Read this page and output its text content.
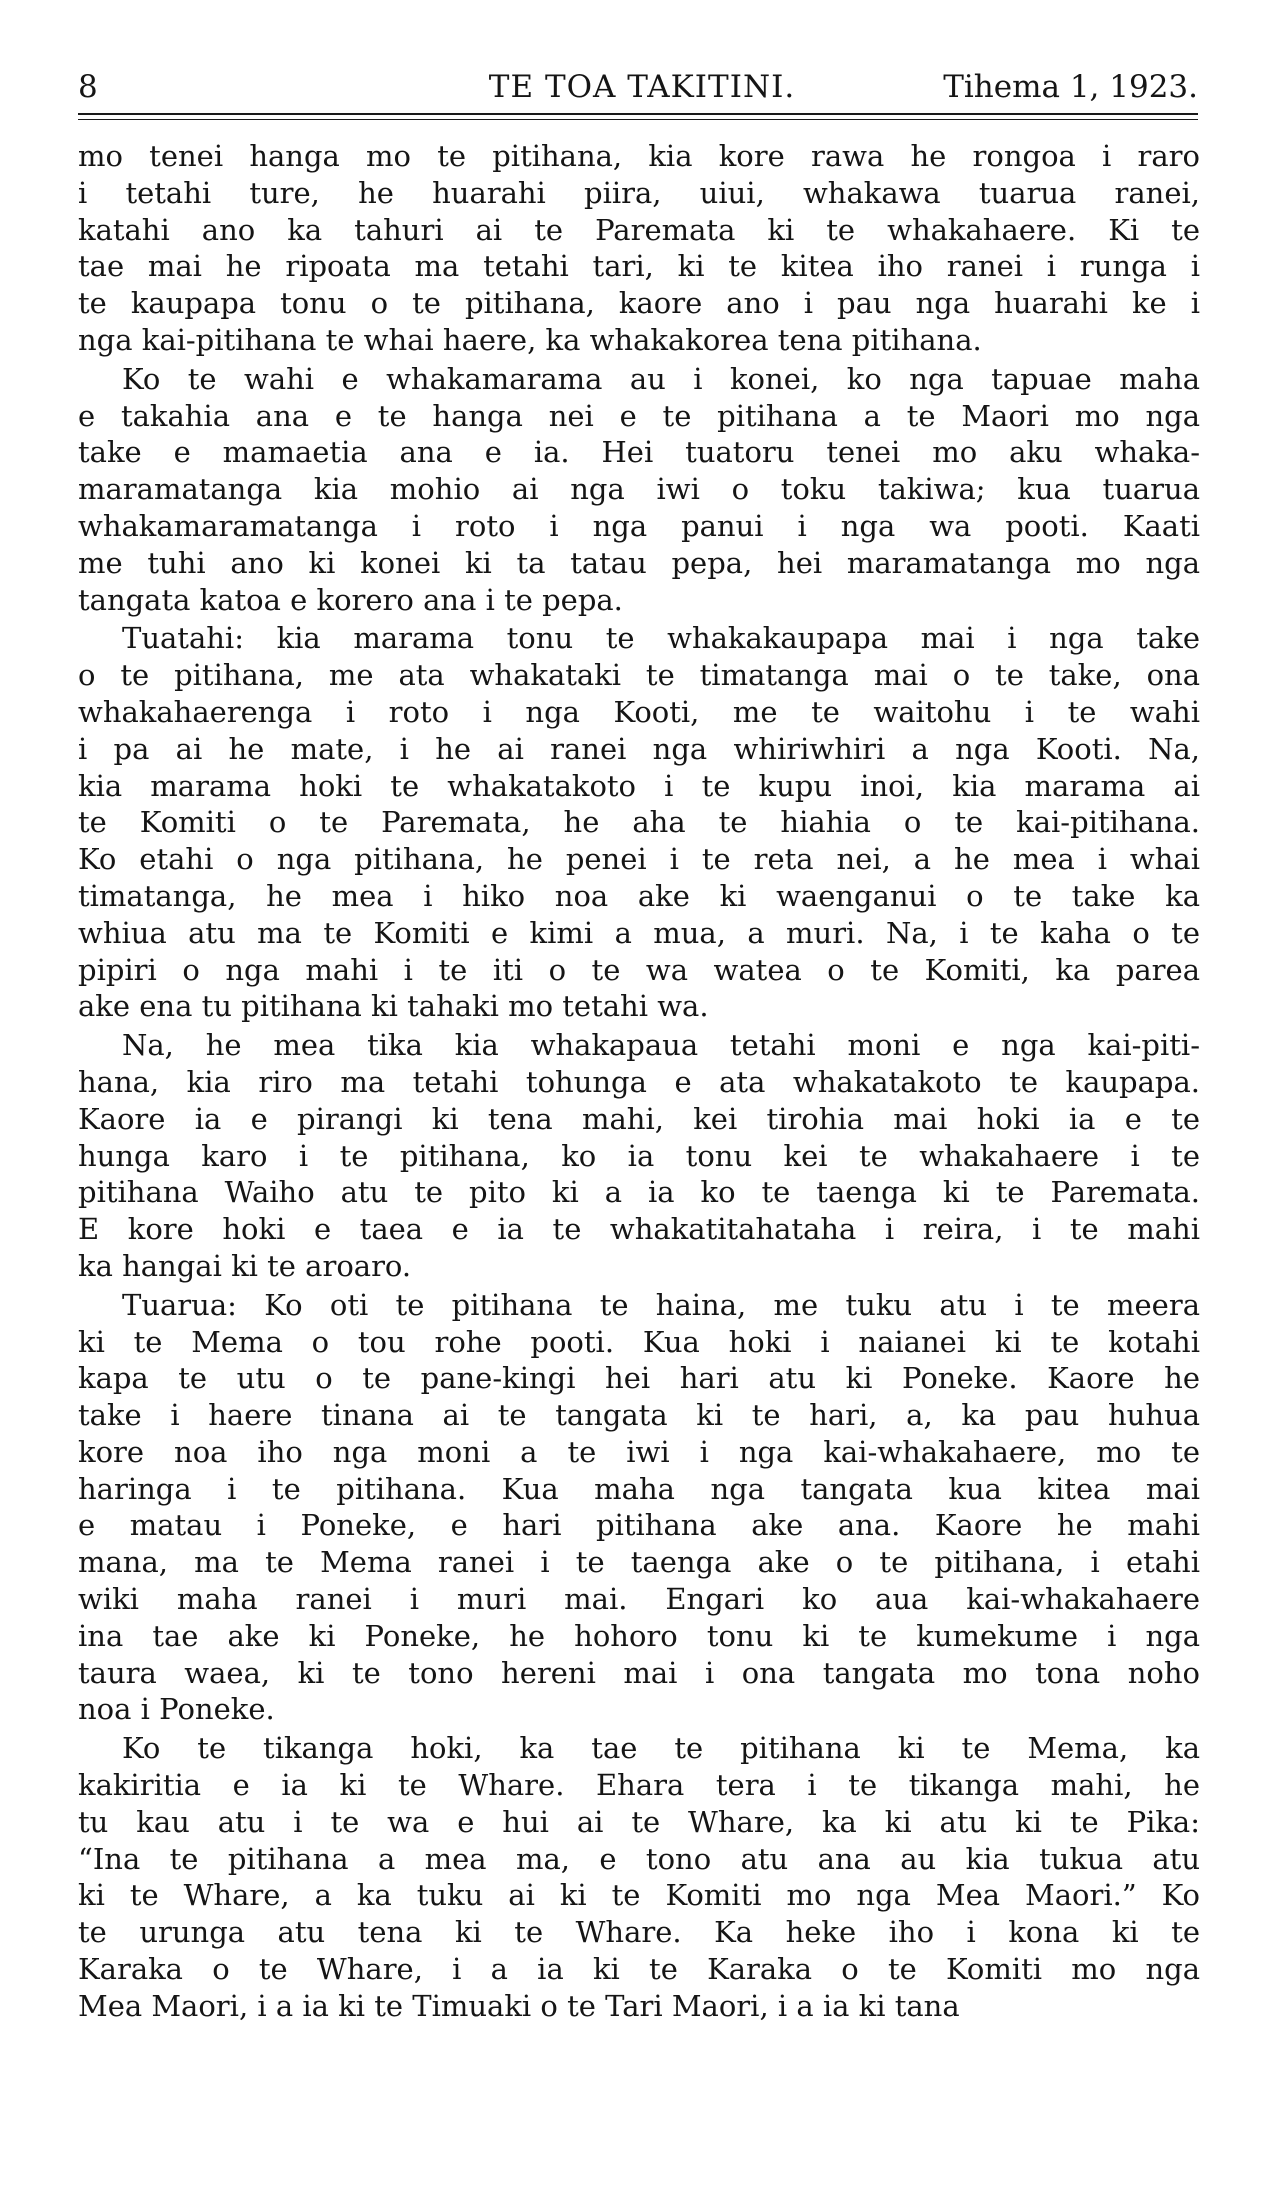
8	TE TOA TAKITINI.	Tihema 1, 1923.
mo tenei hanga mo te pitihana, kia kore rawa he rongoa i raro
i tetahi ture, he huarahi piira, uiui, whakawa tuarua ranei,
katahi ano ka tahuri ai te Paremata ki te whakahaere. Ki te
tae mai he ripoata ma tetahi tari, ki te kitea iho ranei i runga i
te kaupapa tonu o te pitihana, kaore ano i pau nga huarahi ke i
nga kai-pitihana te whai haere, ka whakakorea tena pitihana.
Ko te wahi e whakamarama au i konei, ko nga tapuae maha
e takahia ana e te hanga nei e te pitihana a te Maori mo nga
take e mamaetia ana e ia. Hei tuatoru tenei mo aku whaka-
maramatanga kia mohio ai nga iwi o toku takiwa; kua tuarua
whakamaramatanga i roto i nga panui i nga wa pooti. Kaati
me tuhi ano ki konei ki ta tatau pepa, hei maramatanga mo nga
tangata katoa e korero ana i te pepa.
Tuatahi: kia marama tonu te whakakaupapa mai i nga take
o te pitihana, me ata whakataki te timatanga mai o te take, ona
whakahaerenga i roto i nga Kooti, me te waitohu i te wahi
i pa ai he mate, i he ai ranei nga whiriwhiri a nga Kooti. Na,
kia marama hoki te whakatakoto i te kupu inoi, kia marama ai
te Komiti o te Paremata, he aha te hiahia o te kai-pitihana.
Ko etahi o nga pitihana, he penei i te reta nei, a he mea i whai
timatanga, he mea i hiko noa ake ki waenganui o te take ka
whiua atu ma te Komiti e kimi a mua, a muri. Na, i te kaha o te
pipiri o nga mahi i te iti o te wa watea o te Komiti, ka parea
ake ena tu pitihana ki tahaki mo tetahi wa.
Na, he mea tika kia whakapaua tetahi moni e nga kai-piti-
hana, kia riro ma tetahi tohunga e ata whakatakoto te kaupapa.
Kaore ia e pirangi ki tena mahi, kei tirohia mai hoki ia e te
hunga karo i te pitihana, ko ia tonu kei te whakahaere i te
pitihana Waiho atu te pito ki a ia ko te taenga ki te Paremata.
E kore hoki e taea e ia te whakatitahataha i reira, i te mahi
ka hangai ki te aroaro.
Tuarua: Ko oti te pitihana te haina, me tuku atu i te meera
ki te Mema o tou rohe pooti. Kua hoki i naianei ki te kotahi
kapa te utu o te pane-kingi hei hari atu ki Poneke. Kaore he
take i haere tinana ai te tangata ki te hari, a, ka pau huhua
kore noa iho nga moni a te iwi i nga kai-whakahaere, mo te
haringa i te pitihana. Kua maha nga tangata kua kitea mai
e matau i Poneke, e hari pitihana ake ana. Kaore he mahi
mana, ma te Mema ranei i te taenga ake o te pitihana, i etahi
wiki maha ranei i muri mai. Engari ko aua kai-whakahaere
ina tae ake ki Poneke, he hohoro tonu ki te kumekume i nga
taura waea, ki te tono hereni mai i ona tangata mo tona noho
noa i Poneke.
Ko te tikanga hoki, ka tae te pitihana ki te Mema, ka
kakiritia e ia ki te Whare. Ehara tera i te tikanga mahi, he
tu kau atu i te wa e hui ai te Whare, ka ki atu ki te Pika:
“Ina te pitihana a mea ma, e tono atu ana au kia tukua atu
ki te Whare, a ka tuku ai ki te Komiti mo nga Mea Maori.” Ko
te urunga atu tena ki te Whare. Ka heke iho i kona ki te
Karaka o te Whare, i a ia ki te Karaka o te Komiti mo nga
Mea Maori, i a ia ki te Timuaki o te Tari Maori, i a ia ki tana
